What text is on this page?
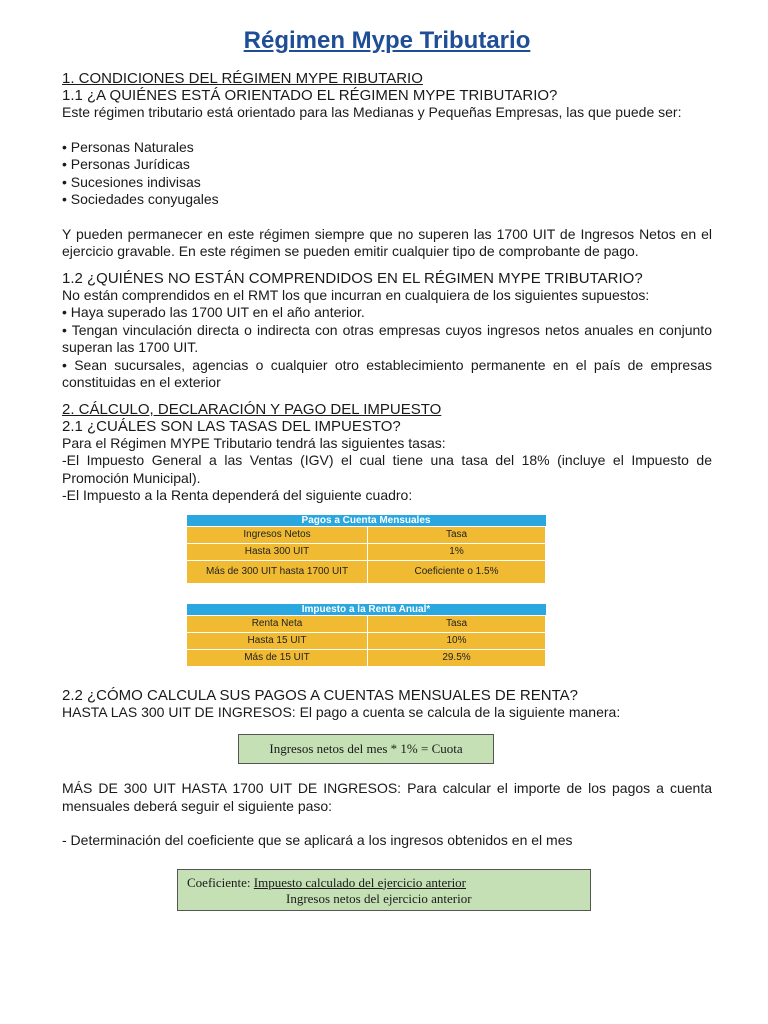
Régimen Mype Tributario
1. CONDICIONES DEL RÉGIMEN MYPE RIBUTARIO
1.1 ¿A QUIÉNES ESTÁ ORIENTADO EL RÉGIMEN MYPE TRIBUTARIO?

Este régimen tributario está orientado para las Medianas y Pequeñas Empresas, las que puede ser:

• Personas Naturales
• Personas Jurídicas
• Sucesiones indivisas
• Sociedades conyugales

Y pueden permanecer en este régimen siempre que no superen las 1700 UIT de Ingresos Netos en el ejercicio gravable. En este régimen se pueden emitir cualquier tipo de comprobante de pago.

1.2 ¿QUIÉNES NO ESTÁN COMPRENDIDOS EN EL RÉGIMEN MYPE TRIBUTARIO?

No están comprendidos en el RMT los que incurran en cualquiera de los siguientes supuestos:

• Haya superado las 1700 UIT en el año anterior.
• Tengan vinculación directa o indirecta con otras empresas cuyos ingresos netos anuales en conjunto superan las 1700 UIT.
• Sean sucursales, agencias o cualquier otro establecimiento permanente en el país de empresas constituidas en el exterior
2. CÁLCULO, DECLARACIÓN Y PAGO DEL IMPUESTO
2.1 ¿CUÁLES SON LAS TASAS DEL IMPUESTO?

Para el Régimen MYPE Tributario tendrá las siguientes tasas:

-El Impuesto General a las Ventas (IGV) el cual tiene una tasa del 18% (incluye el Impuesto de Promoción Municipal).

-El Impuesto a la Renta dependerá del siguiente cuadro:

Pagos a Cuenta Mensuales	
Ingresos Netos	Tasa
Hasta 300 UIT	1%
Más de 300 UIT hasta 1700 UIT	Coeficiente o 1.5%
Impuesto a la Renta Anual*	
Renta Neta	Tasa
Hasta 15 UIT	10%
Más de 15 UIT	29.5%
2.2 ¿CÓMO CALCULA SUS PAGOS A CUENTAS MENSUALES DE RENTA?

HASTA LAS 300 UIT DE INGRESOS: El pago a cuenta se calcula de la siguiente manera:

Ingresos netos del mes * 1% = Cuota

MÁS DE 300 UIT HASTA 1700 UIT DE INGRESOS: Para calcular el importe de los pagos a cuenta mensuales deberá seguir el siguiente paso:

- Determinación del coeficiente que se aplicará a los ingresos obtenidos en el mes

Coeficiente: Impuesto calculado del ejercicio anterior
Ingresos netos del ejercicio anterior
